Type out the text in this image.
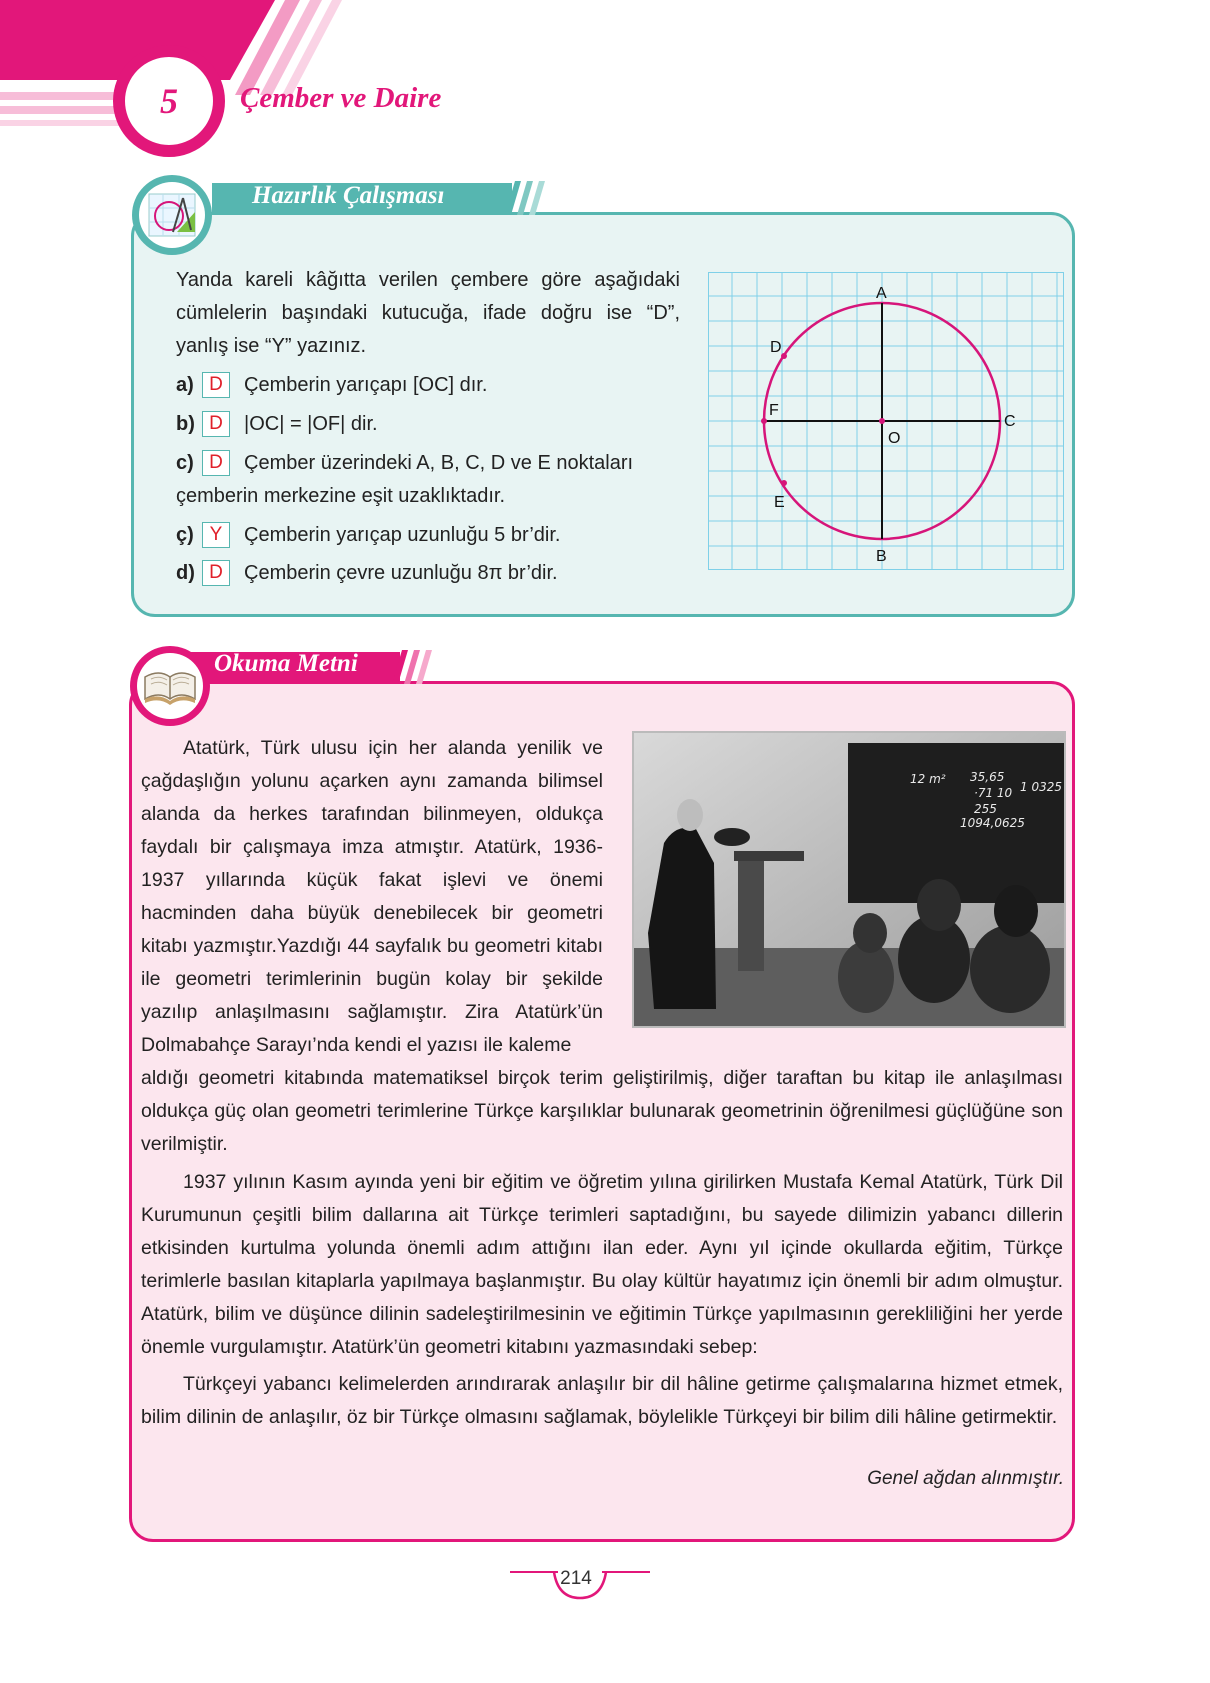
5 Çember ve Daire
Hazırlık Çalışması
Yanda kareli kâğıtta verilen çembere göre aşağıdaki cümlelerin başındaki kutucuğa, ifade doğru ise “D”, yanlış ise “Y” yazınız.
a) D	Çemberin yarıçapı [OC] dır.
b) D	|OC| = |OF| dir.
c) D	Çember üzerindeki A, B, C, D ve E noktaları
çemberin merkezine eşit uzaklıktadır.
ç) Y	Çemberin yarıçap uzunluğu 5 br’dir.
d) D	Çemberin çevre uzunluğu 8π br’dir.
A
B
C
D
E
F
O
Okuma Metni
Atatürk, Türk ulusu için her alanda yenilik ve çağdaşlığın yolunu açarken aynı zamanda bilimsel alanda da herkes tarafından bilinmeyen, oldukça faydalı bir çalışmaya imza atmıştır. Atatürk, 1936-1937 yıllarında küçük fakat işlevi ve önemi hacminden daha büyük denebilecek bir geometri kitabı yazmıştır.Yazdığı 44 sayfalık bu geometri kitabı ile geometri terimlerinin bugün kolay bir şekilde yazılıp anlaşılmasını sağlamıştır. Zira Atatürk’ün Dolmabahçe Sarayı’nda kendi el yazısı ile kaleme
aldığı geometri kitabında matematiksel birçok terim geliştirilmiş, diğer taraftan bu kitap ile anlaşılması oldukça güç olan geometri terimlerine Türkçe karşılıklar bulunarak geometrinin öğrenilmesi güçlüğüne son verilmiştir.
1937 yılının Kasım ayında yeni bir eğitim ve öğretim yılına girilirken Mustafa Kemal Atatürk, Türk Dil Kurumunun çeşitli bilim dallarına ait Türkçe terimleri saptadığını, bu sayede dilimizin yabancı dillerin etkisinden kurtulma yolunda önemli adım attığını ilan eder. Aynı yıl içinde okullarda eğitim, Türkçe terimlerle basılan kitaplarla yapılmaya başlanmıştır. Bu olay kültür hayatımız için önemli bir adım olmuştur. Atatürk, bilim ve düşünce dilinin sadeleştirilmesinin ve eğitimin Türkçe yapılmasının gerekliliğini her yerde önemle vurgulamıştır. Atatürk’ün geometri kitabını yazmasındaki sebep:
Türkçeyi yabancı kelimelerden arındırarak anlaşılır bir dil hâline getirme çalışmalarına hizmet etmek, bilim dilinin de anlaşılır, öz bir Türkçe olmasını sağlamak, böylelikle Türkçeyi bir bilim dili hâline getirmektir.
Genel ağdan alınmıştır.
12 m² 35,65
1 0325
·71 10
255
1094,0625
214
